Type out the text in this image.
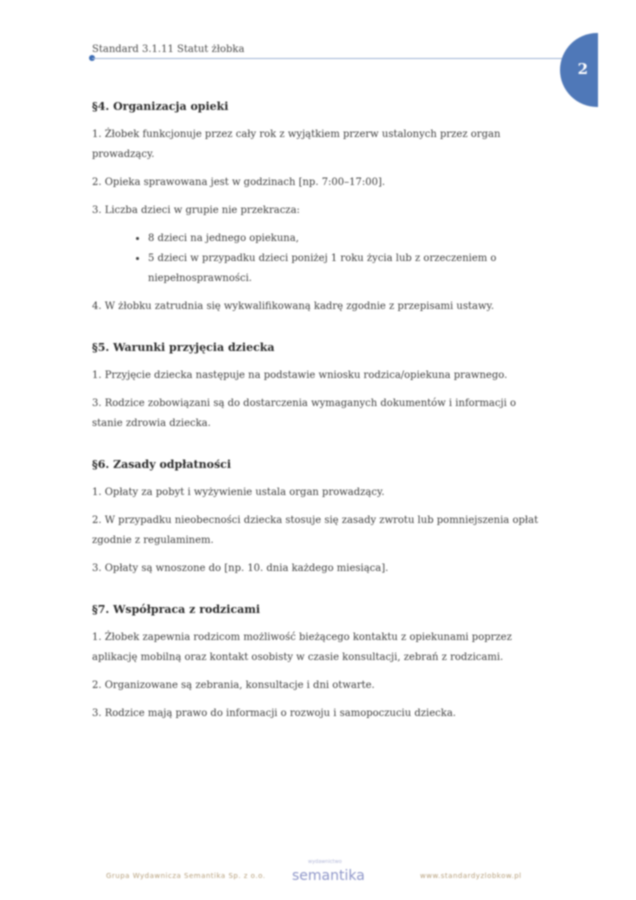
Standard 3.1.11 Statut żłobka
2
§4. Organizacja opieki

1. Żłobek funkcjonuje przez cały rok z wyjątkiem przerw ustalonych przez organ prowadzący.

2. Opieka sprawowana jest w godzinach [np. 7:00–17:00].

3. Liczba dzieci w grupie nie przekracza:

• 8 dzieci na jednego opiekuna,
• 5 dzieci w przypadku dzieci poniżej 1 roku życia lub z orzeczeniem o niepełnosprawności.

4. W żłobku zatrudnia się wykwalifikowaną kadrę zgodnie z przepisami ustawy.

§5. Warunki przyjęcia dziecka

1. Przyjęcie dziecka następuje na podstawie wniosku rodzica/opiekuna prawnego.

3. Rodzice zobowiązani są do dostarczenia wymaganych dokumentów i informacji o stanie zdrowia dziecka.

§6. Zasady odpłatności

1. Opłaty za pobyt i wyżywienie ustala organ prowadzący.

2. W przypadku nieobecności dziecka stosuje się zasady zwrotu lub pomniejszenia opłat zgodnie z regulaminem.

3. Opłaty są wnoszone do [np. 10. dnia każdego miesiąca].

§7. Współpraca z rodzicami

1. Żłobek zapewnia rodzicom możliwość bieżącego kontaktu z opiekunami poprzez aplikację mobilną oraz kontakt osobisty w czasie konsultacji, zebrań z rodzicami.

2. Organizowane są zebrania, konsultacje i dni otwarte.

3. Rodzice mają prawo do informacji o rozwoju i samopoczuciu dziecka.

Grupa Wydawnicza Semantika Sp. z o.o.
wydawnictwo
semantika	www.standardyzlobkow.pl
